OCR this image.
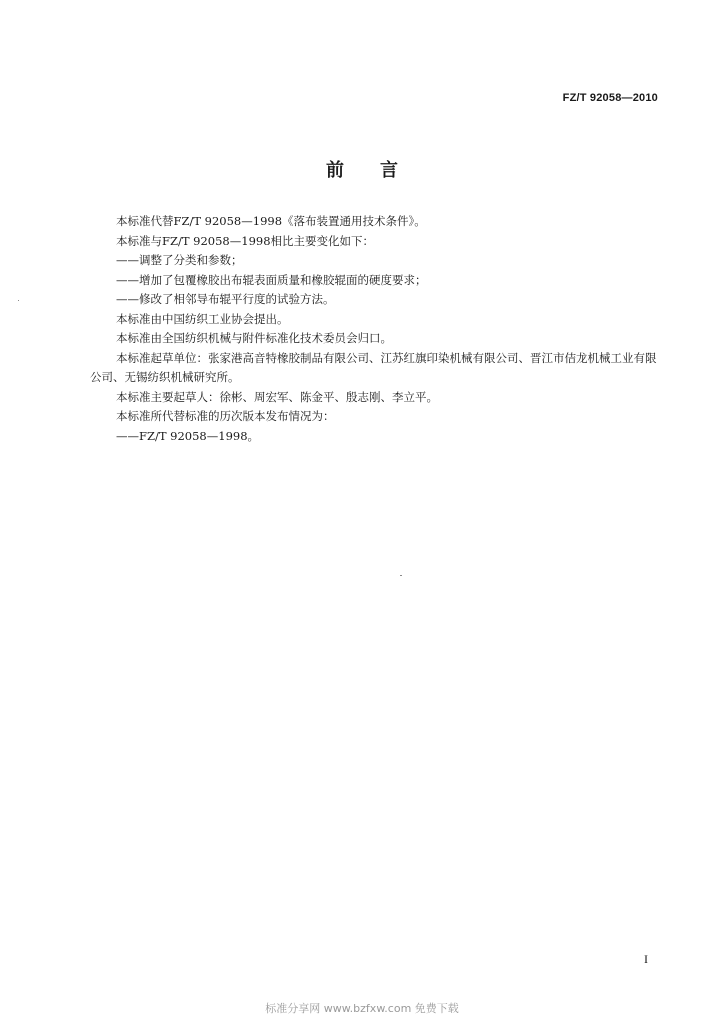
FZ/T 92058—2010
前言

本标准代替FZ/T 92058—1998《落布装置通用技术条件》。

本标准与FZ/T 92058—1998相比主要变化如下：

——调整了分类和参数；

——增加了包覆橡胶出布辊表面质量和橡胶辊面的硬度要求；

——修改了相邻导布辊平行度的试验方法。

本标准由中国纺织工业协会提出。

本标准由全国纺织机械与附件标准化技术委员会归口。

本标准起草单位：张家港高音特橡胶制品有限公司、江苏红旗印染机械有限公司、晋江市佶龙机械工业有限公司、无锡纺织机械研究所。

本标准主要起草人：徐彬、周宏军、陈金平、殷志刚、李立平。

本标准所代替标准的历次版本发布情况为：

——FZ/T 92058—1998。

I
标准分享网 www.bzfxw.com 免费下载
